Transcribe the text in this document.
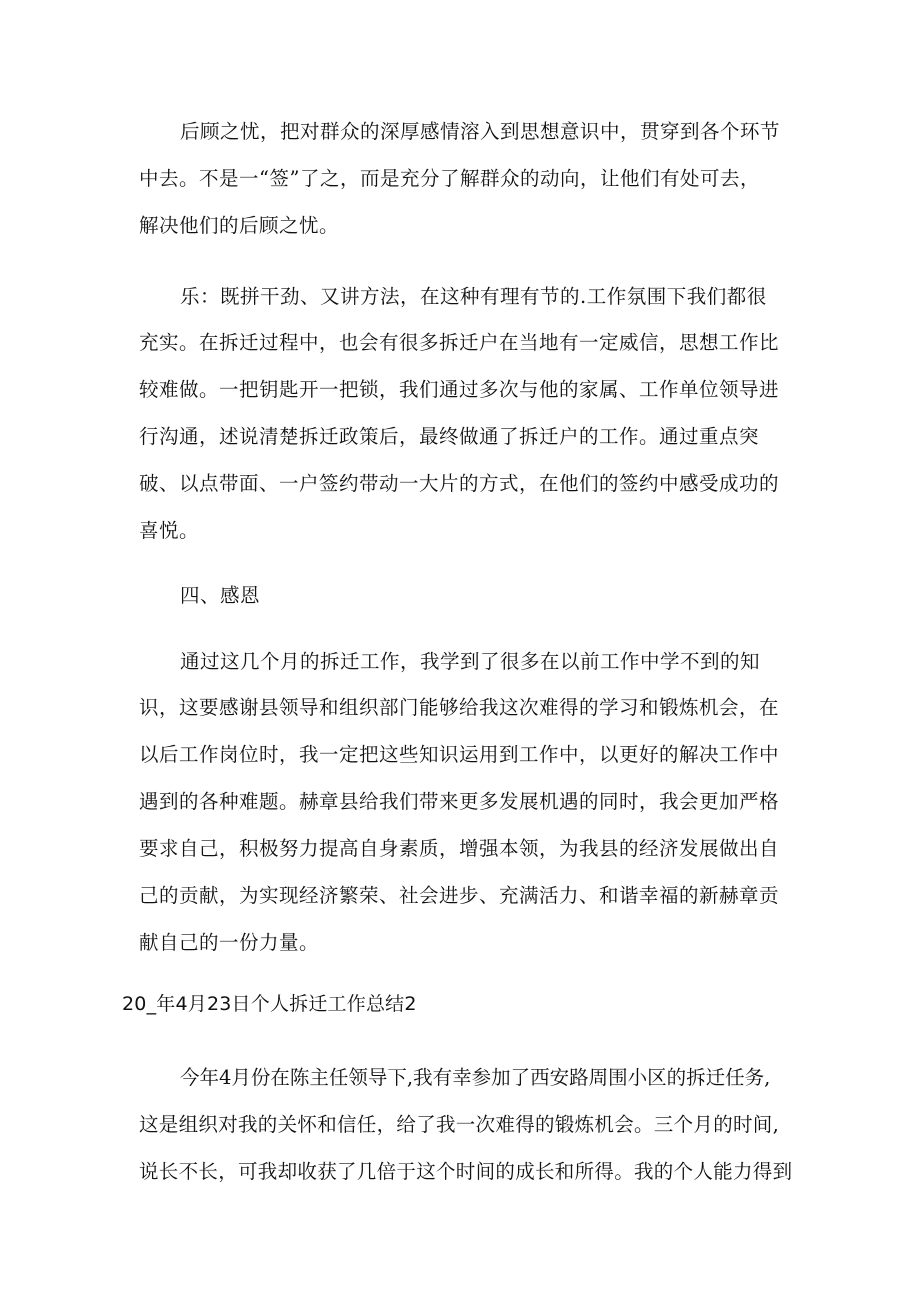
后顾之忧，把对群众的深厚感情溶入到思想意识中，贯穿到各个环节
中去。不是一“签”了之，而是充分了解群众的动向，让他们有处可去，
解决他们的后顾之忧。
乐：既拼干劲、又讲方法，在这种有理有节的.工作氛围下我们都很
充实。在拆迁过程中，也会有很多拆迁户在当地有一定威信，思想工作比
较难做。一把钥匙开一把锁，我们通过多次与他的家属、工作单位领导进
行沟通，述说清楚拆迁政策后，最终做通了拆迁户的工作。通过重点突
破、以点带面、一户签约带动一大片的方式，在他们的签约中感受成功的
喜悦。
四、感恩
通过这几个月的拆迁工作，我学到了很多在以前工作中学不到的知
识，这要感谢县领导和组织部门能够给我这次难得的学习和锻炼机会，在
以后工作岗位时，我一定把这些知识运用到工作中，以更好的解决工作中
遇到的各种难题。赫章县给我们带来更多发展机遇的同时，我会更加严格
要求自己，积极努力提高自身素质，增强本领，为我县的经济发展做出自
己的贡献，为实现经济繁荣、社会进步、充满活力、和谐幸福的新赫章贡
献自己的一份力量。
20_年4月23日个人拆迁工作总结2
今年4月份在陈主任领导下,我有幸参加了西安路周围小区的拆迁任务,
这是组织对我的关怀和信任，给了我一次难得的锻炼机会。三个月的时间,
说长不长，可我却收获了几倍于这个时间的成长和所得。我的个人能力得到
